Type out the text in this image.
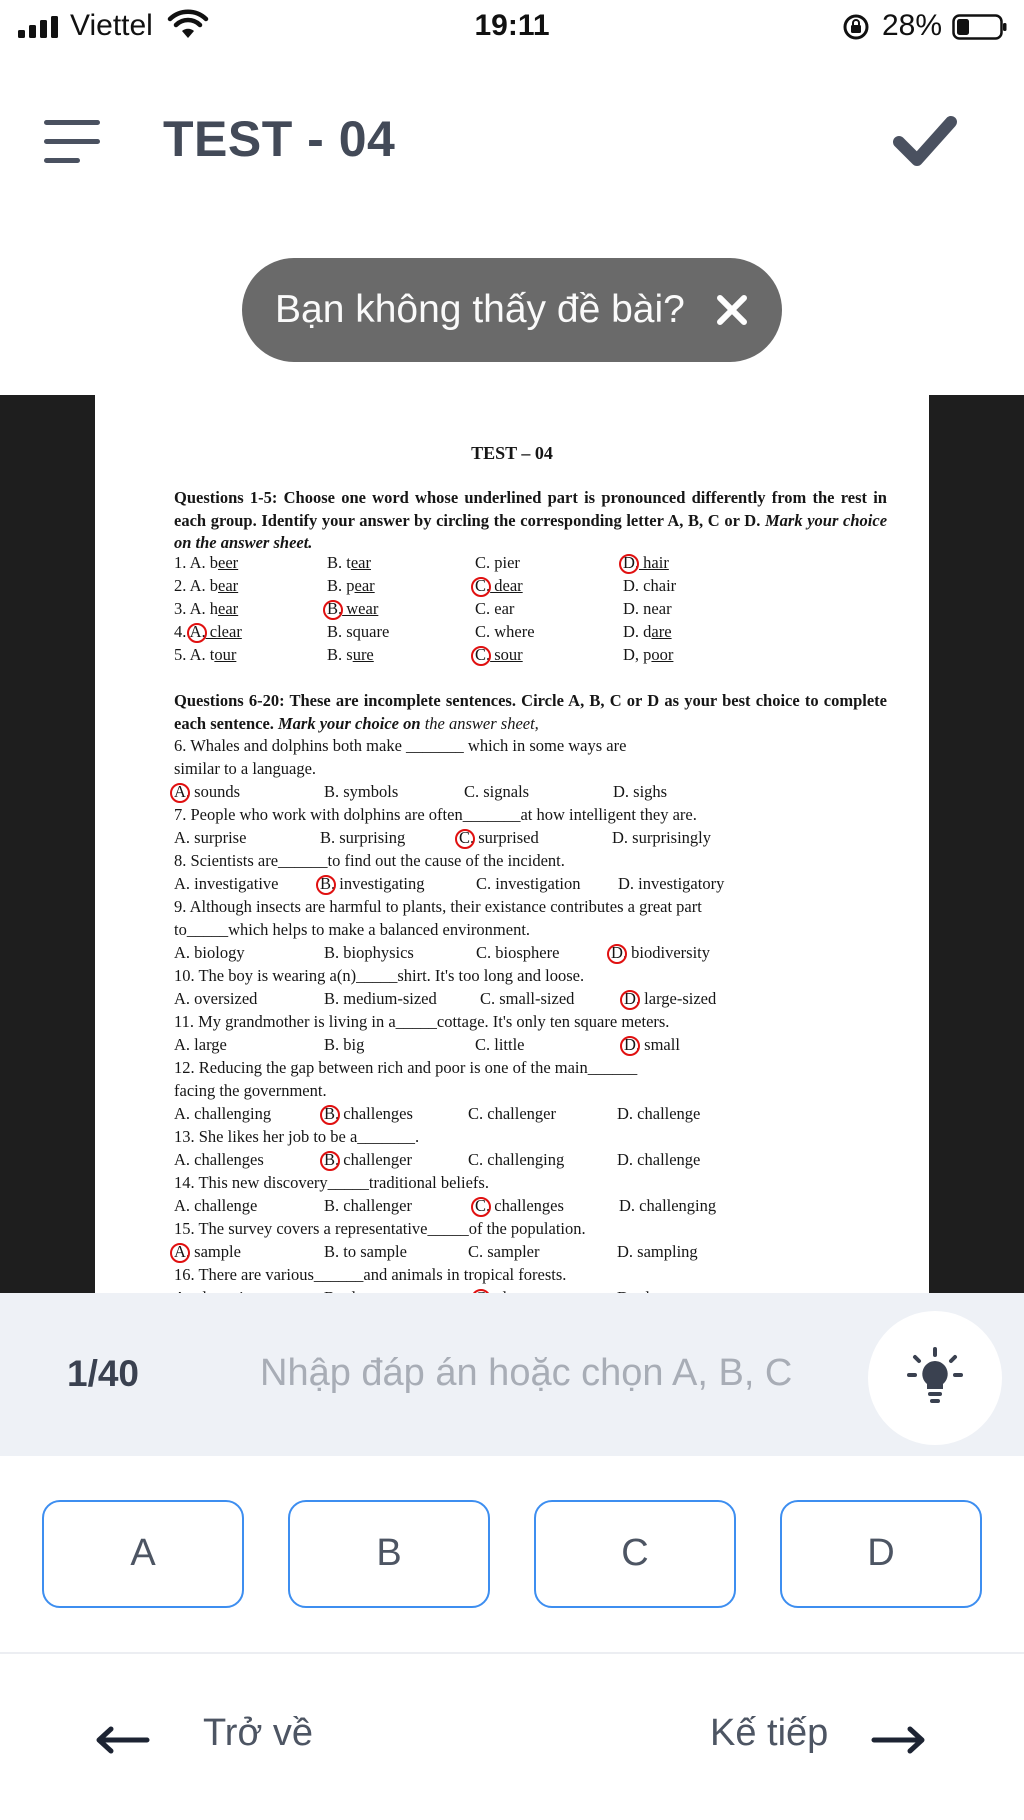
Viettel	19:11	28%
TEST - 04
Bạn không thấy đề bài?
TEST – 04
Questions 1-5: Choose one word whose underlined part is pronounced differently from the rest in each group. Identify your answer by circling the corresponding letter A, B, C or D. Mark your choice on the answer sheet.
1. A. beer	B. tear	C. pier	D. hair
2. A. bear	B. pear	C. dear	D. chair
3. A. hear	B. wear	C. ear	D. near
4. A. clear	B. square	C. where	D. dare
5. A. tour	B. sure	C. sour	D, poor
Questions 6-20: These are incomplete sentences. Circle A, B, C or D as your best choice to complete each sentence. Mark your choice on the answer sheet,
6. Whales and dolphins both make _______ which in some ways are
similar to a language.
A. sounds	B. symbols	C. signals	D. sighs
7. People who work with dolphins are often_______at how intelligent they are.
A. surprise	B. surprising	C. surprised	D. surprisingly
8. Scientists are______to find out the cause of the incident.
A. investigative	B. investigating	C. investigation D. investigatory
9. Although insects are harmful to plants, their existance contributes a great part
to_____which helps to make a balanced environment.
A. biology	B. biophysics	C. biosphere	D. biodiversity
10. The boy is wearing a(n)_____shirt. It's too long and loose.
A. oversized	B. medium-sized	C. small-sized	D. large-sized
11. My grandmother is living in a_____cottage. It's only ten square meters.
A. large	B. big	C. little	D. small
12. Reducing the gap between rich and poor is one of the main______
facing the government.
A. challenging	B. challenges	C. challenger	D. challenge
13. She likes her job to be a_______.
A. challenges	B. challenger	C. challenging	D. challenge
14. This new discovery_____traditional beliefs.
A. challenge	B. challenger	C. challenges	D. challenging
15. The survey covers a representative_____of the population.
A. sample	B. to sample	C. sampler	D. sampling
16. There are various______and animals in tropical forests.
1/40
Nhập đáp án hoặc chọn A, B, C
A	B	C	D
Trở về	Kế tiếp
